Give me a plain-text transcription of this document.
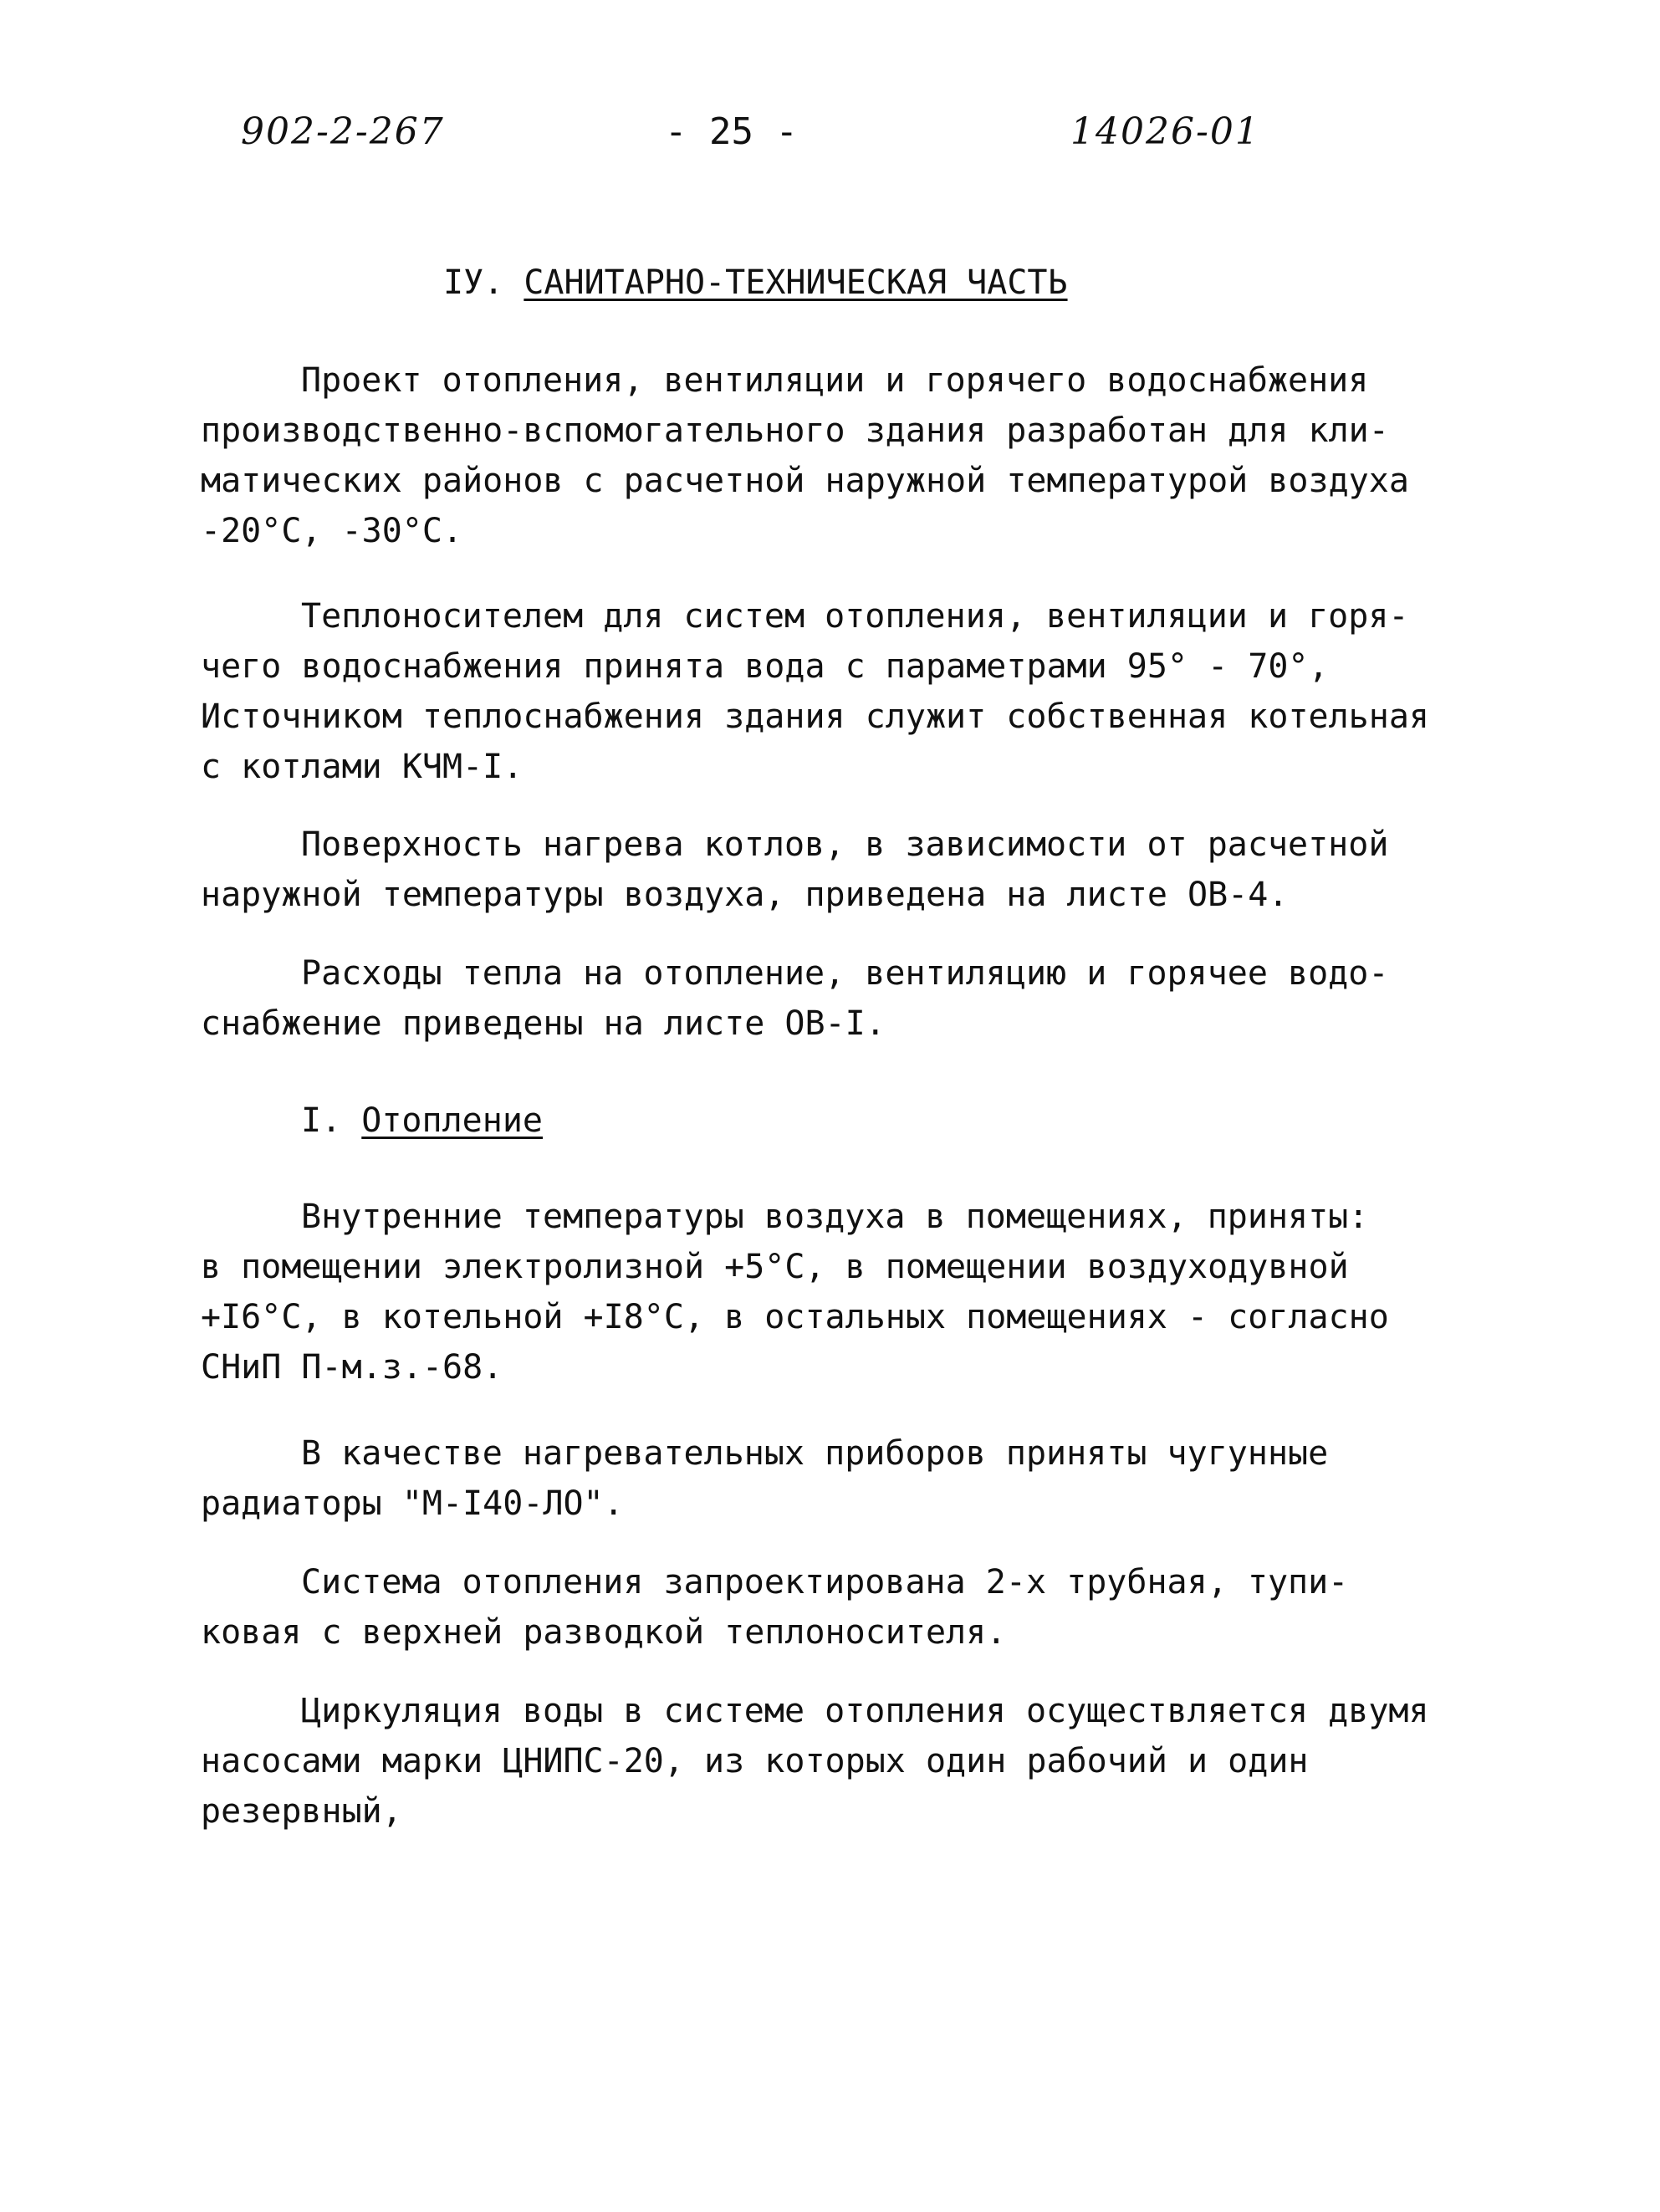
902-2-267	- 25 -	14026-01
IУ. САНИТАРНО-ТЕХНИЧЕСКАЯ ЧАСТЬ
Проект отопления, вентиляции и горячего водоснабжения
производственно-вспомогательного здания разработан для кли-
матических районов с расчетной наружной температурой воздуха
-20°С, -30°С.
Теплоносителем для систем отопления, вентиляции и горя-
чего водоснабжения принята вода с параметрами 95° - 70°,
Источником теплоснабжения здания служит собственная котельная
с котлами КЧМ-I.
Поверхность нагрева котлов, в зависимости от расчетной
наружной температуры воздуха, приведена на листе ОВ-4.
Расходы тепла на отопление, вентиляцию и горячее водо-
снабжение приведены на листе ОВ-I.
I. Отопление
Внутренние температуры воздуха в помещениях, приняты:
в помещении электролизной +5°С, в помещении воздуходувной
+I6°С, в котельной +I8°С, в остальных помещениях - согласно
СНиП П-м.з.-68.
В качестве нагревательных приборов приняты чугунные
радиаторы "М-I40-ЛО".
Система отопления запроектирована 2-х трубная, тупи-
ковая с верхней разводкой теплоносителя.
Циркуляция воды в системе отопления осуществляется двумя
насосами марки ЦНИПС-20, из которых один рабочий и один
резервный,
